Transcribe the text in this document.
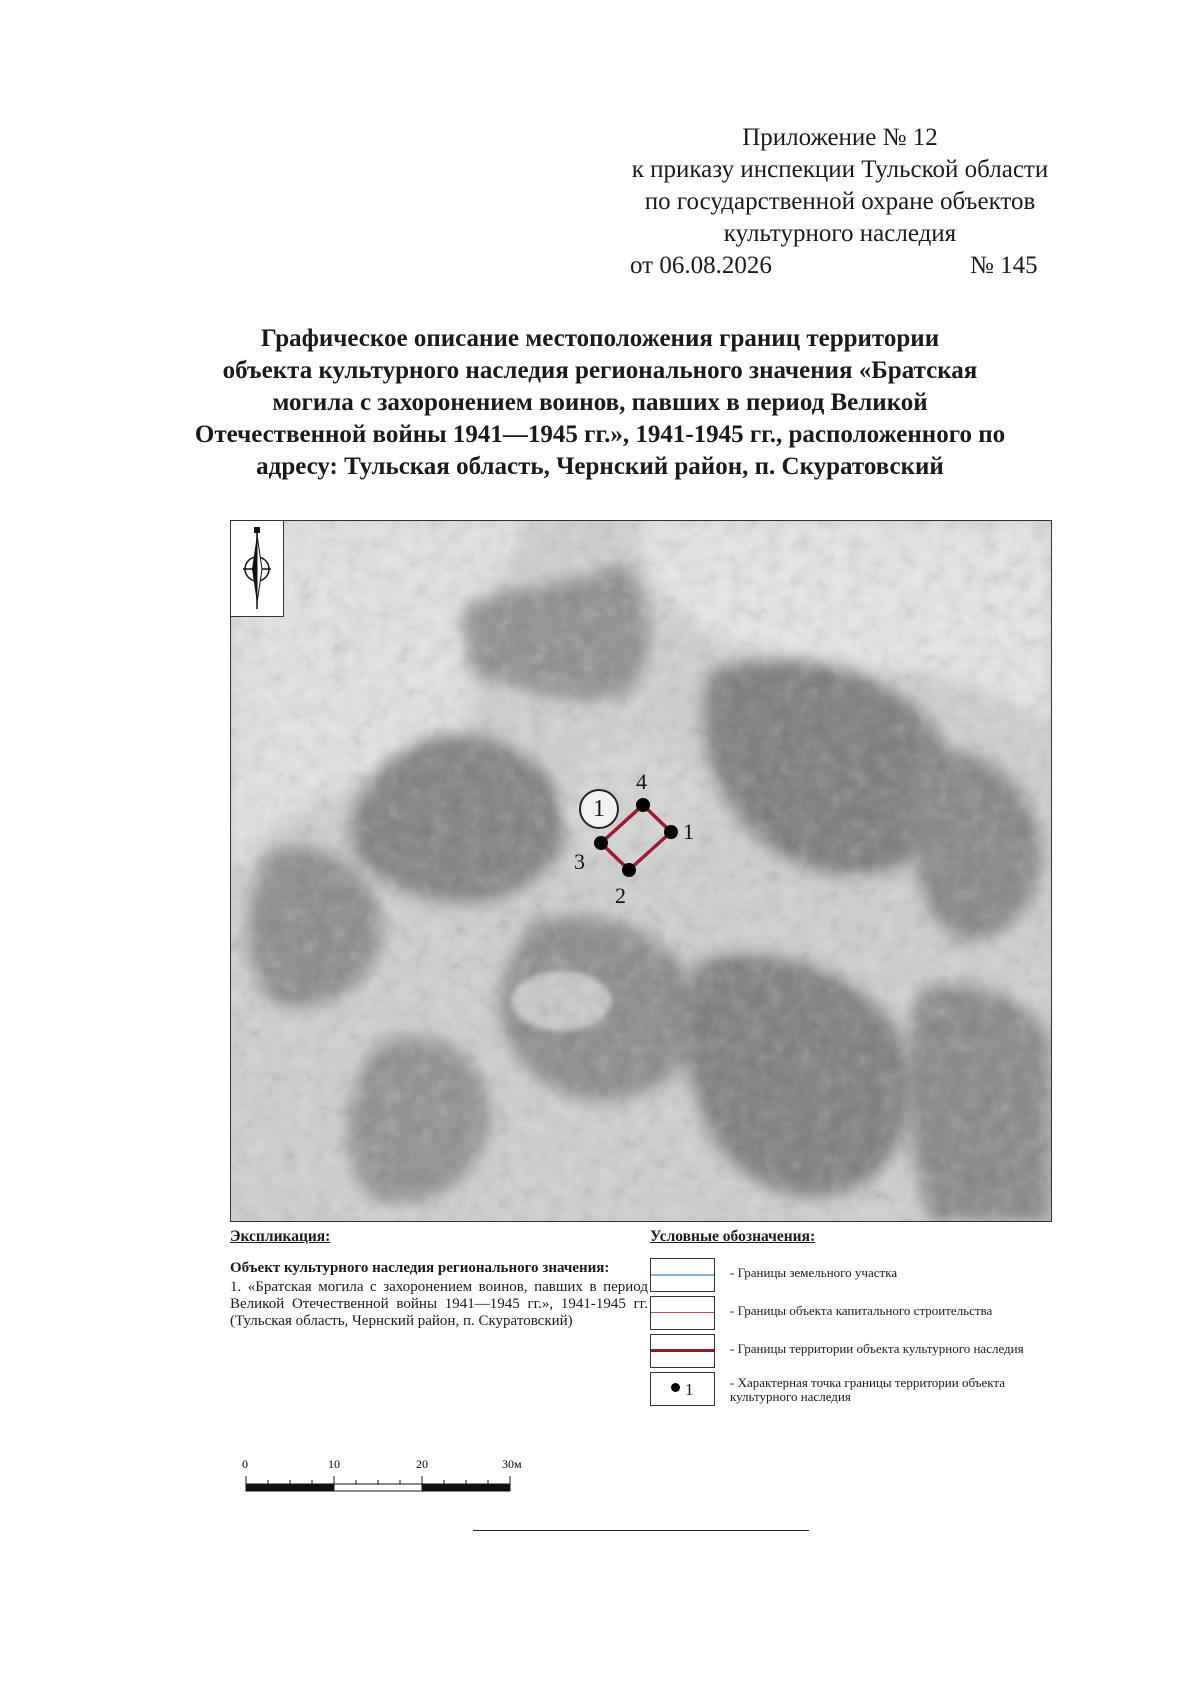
Приложение № 12
к приказу инспекции Тульской области
по государственной охране объектов
культурного наследия
от 06.08.2026	№ 145
Графическое описание местоположения границ территории
объекта культурного наследия регионального значения «Братская
могила с захоронением воинов, павших в период Великой
Отечественной войны 1941—1945 гг.», 1941-1945 гг., расположенного по
адресу: Тульская область, Чернский район, п. Скуратовский
1
1
2
3
4
Экспликация:
Объект культурного наследия регионального значения:
1. «Братская могила с захоронением воинов, павших в период Великой Отечественной войны 1941—1945 гг.», 1941-1945 гг. (Тульская область, Чернский район, п. Скуратовский)
Условные обозначения:
- Границы земельного участка
- Границы объекта капитального строительства
- Границы территории объекта культурного наследия
1	- Характерная точка границы территории объекта культурного наследия
0	10	20	30м
